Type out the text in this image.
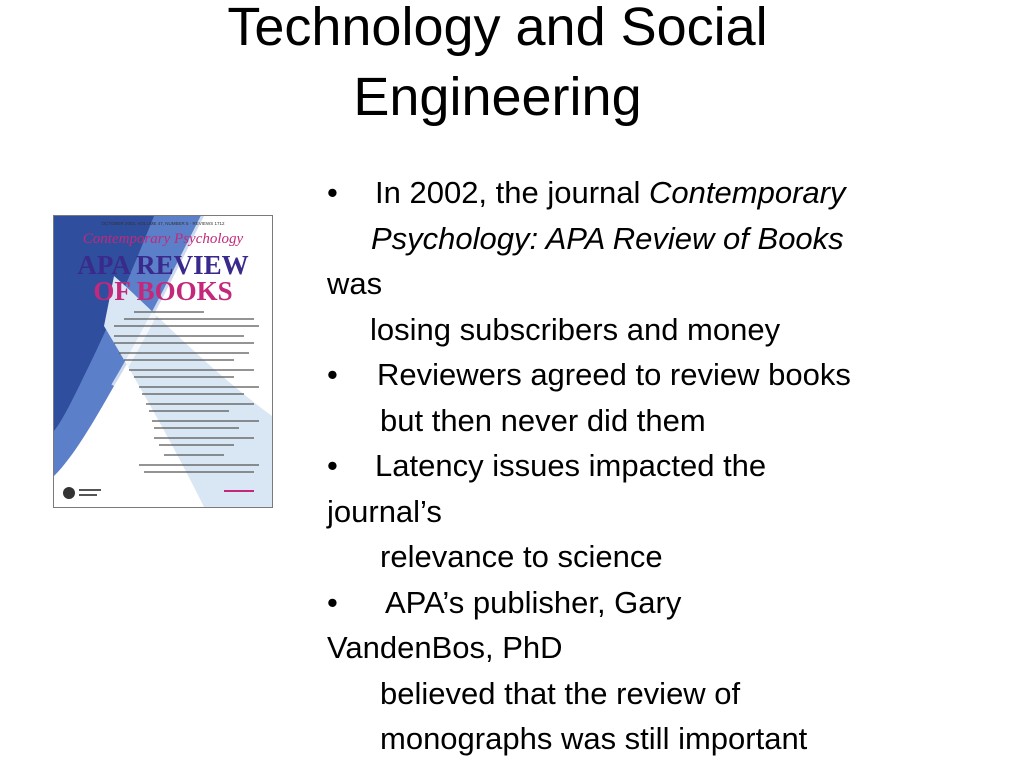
Technology and Social
Engineering
OCTOBER 2002, VOLUME 47, NUMBER 5 · REVIEWS 1712
Contemporary Psychology
APA REVIEW
OF BOOKS
• In 2002, the journal Contemporary
Psychology: APA Review of Books
was
losing subscribers and money
• Reviewers agreed to review books
but then never did them
• Latency issues impacted the
journal’s
relevance to science
• APA’s publisher, Gary
VandenBos, PhD
believed that the review of
monographs was still important
